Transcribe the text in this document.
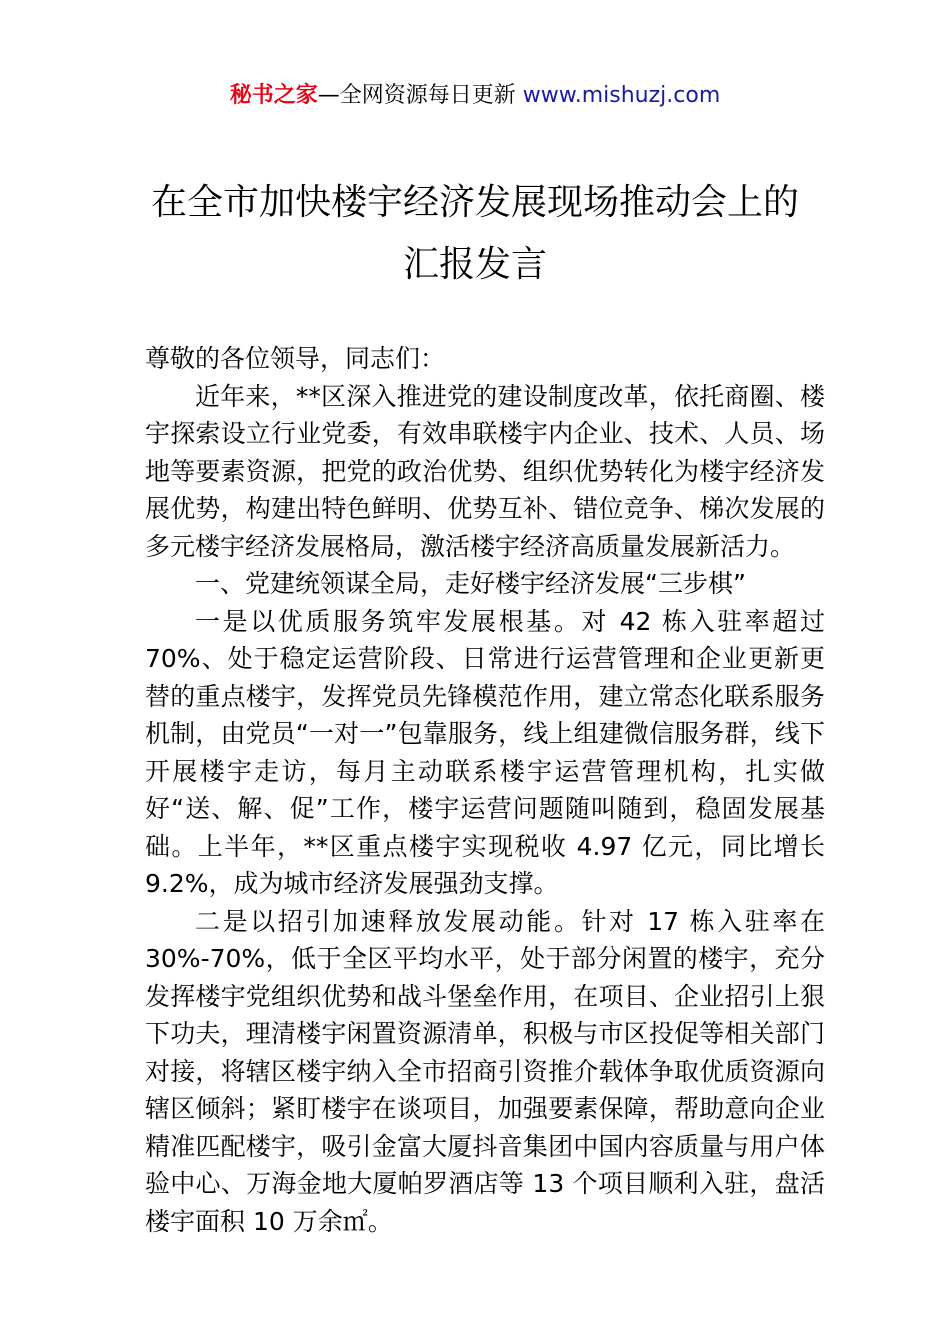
秘书之家—全网资源每日更新 www.mishuzj.com
在全市加快楼宇经济发展现场推动会上的
汇报发言

尊敬的各位领导，同志们：

近年来，**区深入推进党的建设制度改革，依托商圈、楼宇探索设立行业党委，有效串联楼宇内企业、技术、人员、场地等要素资源，把党的政治优势、组织优势转化为楼宇经济发展优势，构建出特色鲜明、优势互补、错位竞争、梯次发展的多元楼宇经济发展格局，激活楼宇经济高质量发展新活力。

一、党建统领谋全局，走好楼宇经济发展“三步棋”

一是以优质服务筑牢发展根基。对 42 栋入驻率超过 70%、处于稳定运营阶段、日常进行运营管理和企业更新更替的重点楼宇，发挥党员先锋模范作用，建立常态化联系服务机制，由党员“一对一”包靠服务，线上组建微信服务群，线下开展楼宇走访，每月主动联系楼宇运营管理机构，扎实做好“送、解、促”工作，楼宇运营问题随叫随到，稳固发展基础。上半年，**区重点楼宇实现税收 4.97 亿元，同比增长 9.2%，成为城市经济发展强劲支撑。

二是以招引加速释放发展动能。针对 17 栋入驻率在 30%-70%，低于全区平均水平，处于部分闲置的楼宇，充分发挥楼宇党组织优势和战斗堡垒作用，在项目、企业招引上狠下功夫，理清楼宇闲置资源清单，积极与市区投促等相关部门对接，将辖区楼宇纳入全市招商引资推介载体争取优质资源向辖区倾斜；紧盯楼宇在谈项目，加强要素保障，帮助意向企业精准匹配楼宇，吸引金富大厦抖音集团中国内容质量与用户体验中心、万海金地大厦帕罗酒店等 13 个项目顺利入驻，盘活楼宇面积 10 万余㎡。
